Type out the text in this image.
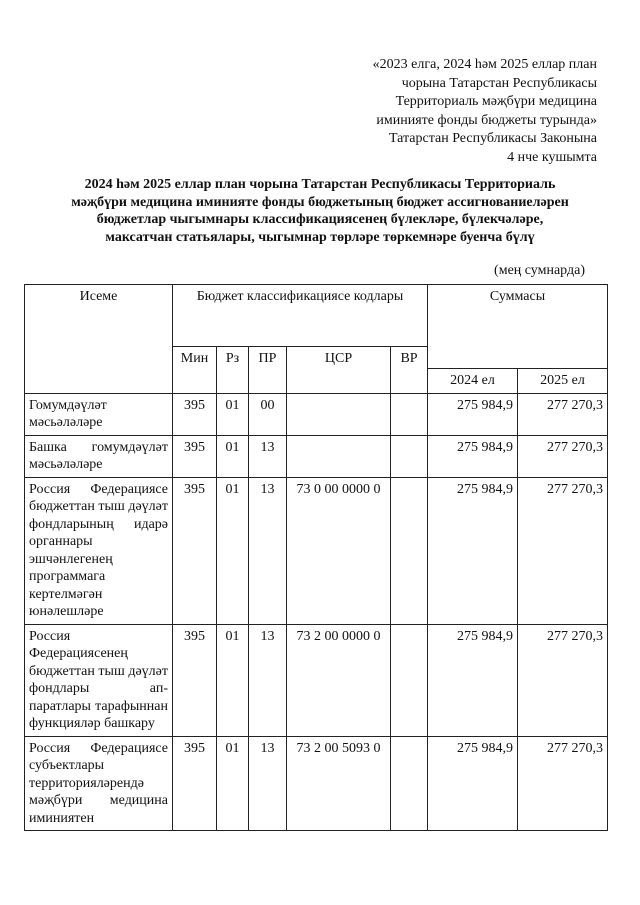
«2023 елга, 2024 һәм 2025 еллар план
чорына Татарстан Республикасы
Территориаль мәҗбүри медицина
иминияте фонды бюджеты турында»
Татарстан Республикасы Законына
4 нче кушымта
2024 һәм 2025 еллар план чорына Татарстан Республикасы Территориаль
мәҗбүри медицина иминияте фонды бюджетының бюджет ассигнованиеләрен
бюджетлар чыгымнары классификациясенең бүлекләре, бүлекчәләре,
максатчан статьялары, чыгымнар төрләре төркемнәре буенча бүлү
(мең сумнарда)
Исеме	Бюджет классификациясе кодлары					Суммасы	
	Мин	Рз	ПР	ЦСР	ВР		
						2024 ел	2025 ел
Гомумдәүләт мәсьәләләре	395	01	00			275 984,9	277 270,3
Башка гомумдәүләт мәсьәләләре	395	01	13			275 984,9	277 270,3
Россия Федерациясе бюджеттан тыш дәүләт фондларының идарә органнары эшчәнлегенең программага кертелмәгән юнәлешләре	395	01	13	73 0 00 0000 0		275 984,9	277 270,3
Россия Федерациясенең бюджеттан тыш дәүләт фондлары ап-паратлары тарафыннан функцияләр башкару	395	01	13	73 2 00 0000 0		275 984,9	277 270,3
Россия Федерациясе субъектлары территорияләрендә мәҗбүри медицина иминиятен	395	01	13	73 2 00 5093 0		275 984,9	277 270,3
